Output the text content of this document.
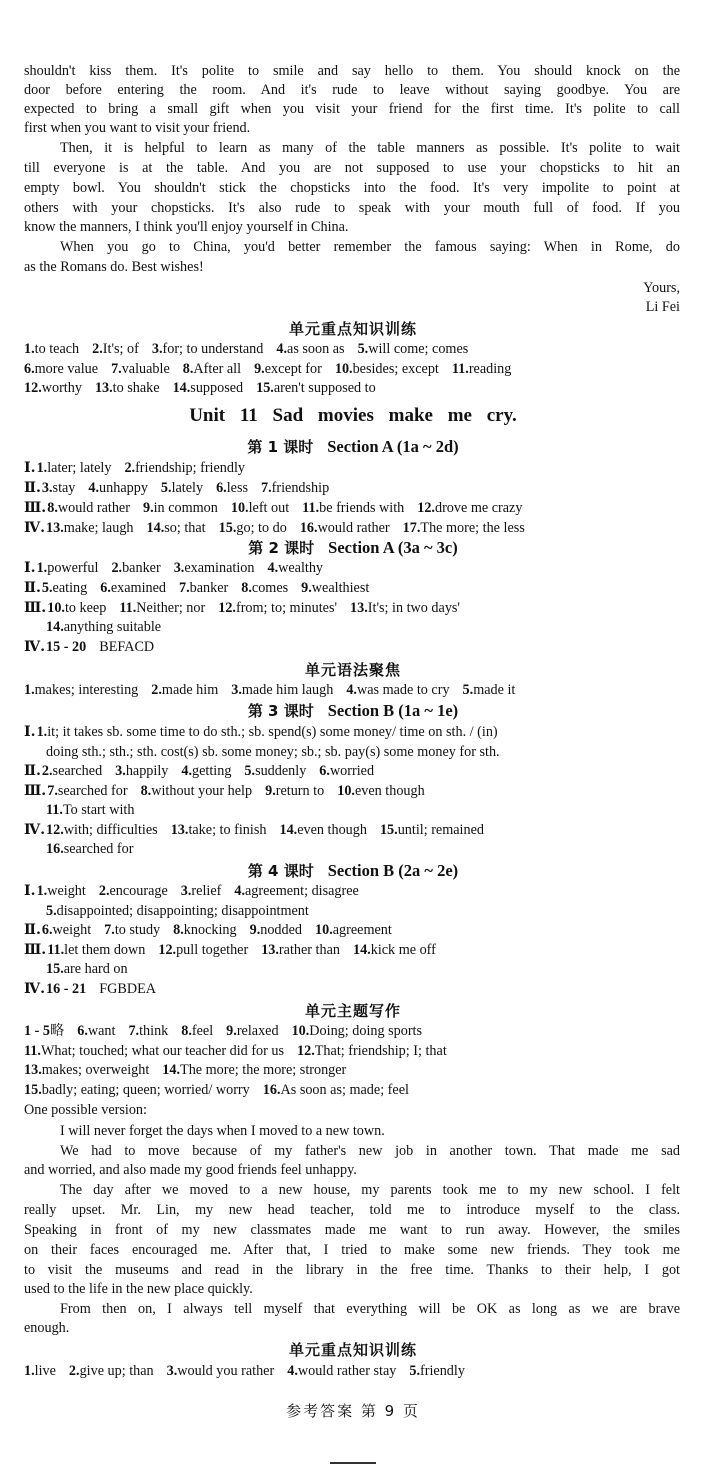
shouldn't kiss them. It's polite to smile and say hello to them. You should knock on the
door before entering the room. And it's rude to leave without saying goodbye. You are
expected to bring a small gift when you visit your friend for the first time. It's polite to call
first when you want to visit your friend.
Then, it is helpful to learn as many of the table manners as possible. It's polite to wait
till everyone is at the table. And you are not supposed to use your chopsticks to hit an
empty bowl. You shouldn't stick the chopsticks into the food. It's very impolite to point at
others with your chopsticks. It's also rude to speak with your mouth full of food. If you
know the manners, I think you'll enjoy yourself in China.
When you go to China, you'd better remember the famous saying: When in Rome, do
as the Romans do. Best wishes!
Yours,
Li Fei
单元重点知识训练
1.to teach 2.It's; of 3.for; to understand 4.as soon as 5.will come; comes
6.more value 7.valuable 8.After all 9.except for 10.besides; except 11.reading
12.worthy 13.to shake 14.supposed 15.aren't supposed to
Unit 11 Sad movies make me cry.
第 1 课时 Section A (1a ~ 2d)
Ⅰ.1.later; lately 2.friendship; friendly
Ⅱ.3.stay 4.unhappy 5.lately 6.less 7.friendship
Ⅲ.8.would rather 9.in common 10.left out 11.be friends with 12.drove me crazy
Ⅳ.13.make; laugh 14.so; that 15.go; to do 16.would rather 17.The more; the less
第 2 课时 Section A (3a ~ 3c)
Ⅰ.1.powerful 2.banker 3.examination 4.wealthy
Ⅱ.5.eating 6.examined 7.banker 8.comes 9.wealthiest
Ⅲ.10.to keep 11.Neither; nor 12.from; to; minutes' 13.It's; in two days'
14.anything suitable
Ⅳ.15 - 20 BEFACD
单元语法聚焦
1.makes; interesting 2.made him 3.made him laugh 4.was made to cry 5.made it
第 3 课时 Section B (1a ~ 1e)
Ⅰ.1.it; it takes sb. some time to do sth.; sb. spend(s) some money/ time on sth. / (in)
doing sth.; sth.; sth. cost(s) sb. some money; sb.; sb. pay(s) some money for sth.
Ⅱ.2.searched 3.happily 4.getting 5.suddenly 6.worried
Ⅲ.7.searched for 8.without your help 9.return to 10.even though
11.To start with
Ⅳ.12.with; difficulties 13.take; to finish 14.even though 15.until; remained
16.searched for
第 4 课时 Section B (2a ~ 2e)
Ⅰ.1.weight 2.encourage 3.relief 4.agreement; disagree
5.disappointed; disappointing; disappointment
Ⅱ.6.weight 7.to study 8.knocking 9.nodded 10.agreement
Ⅲ.11.let them down 12.pull together 13.rather than 14.kick me off
15.are hard on
Ⅳ.16 - 21 FGBDEA
单元主题写作
1 - 5略 6.want 7.think 8.feel 9.relaxed 10.Doing; doing sports
11.What; touched; what our teacher did for us 12.That; friendship; I; that
13.makes; overweight 14.The more; the more; stronger
15.badly; eating; queen; worried/ worry 16.As soon as; made; feel
One possible version:
I will never forget the days when I moved to a new town.
We had to move because of my father's new job in another town. That made me sad
and worried, and also made my good friends feel unhappy.
The day after we moved to a new house, my parents took me to my new school. I felt
really upset. Mr. Lin, my new head teacher, told me to introduce myself to the class.
Speaking in front of my new classmates made me want to run away. However, the smiles
on their faces encouraged me. After that, I tried to make some new friends. They took me
to visit the museums and read in the library in the free time. Thanks to their help, I got
used to the life in the new place quickly.
From then on, I always tell myself that everything will be OK as long as we are brave
enough.
单元重点知识训练
1.live 2.give up; than 3.would you rather 4.would rather stay 5.friendly
参考答案 第 9 页
